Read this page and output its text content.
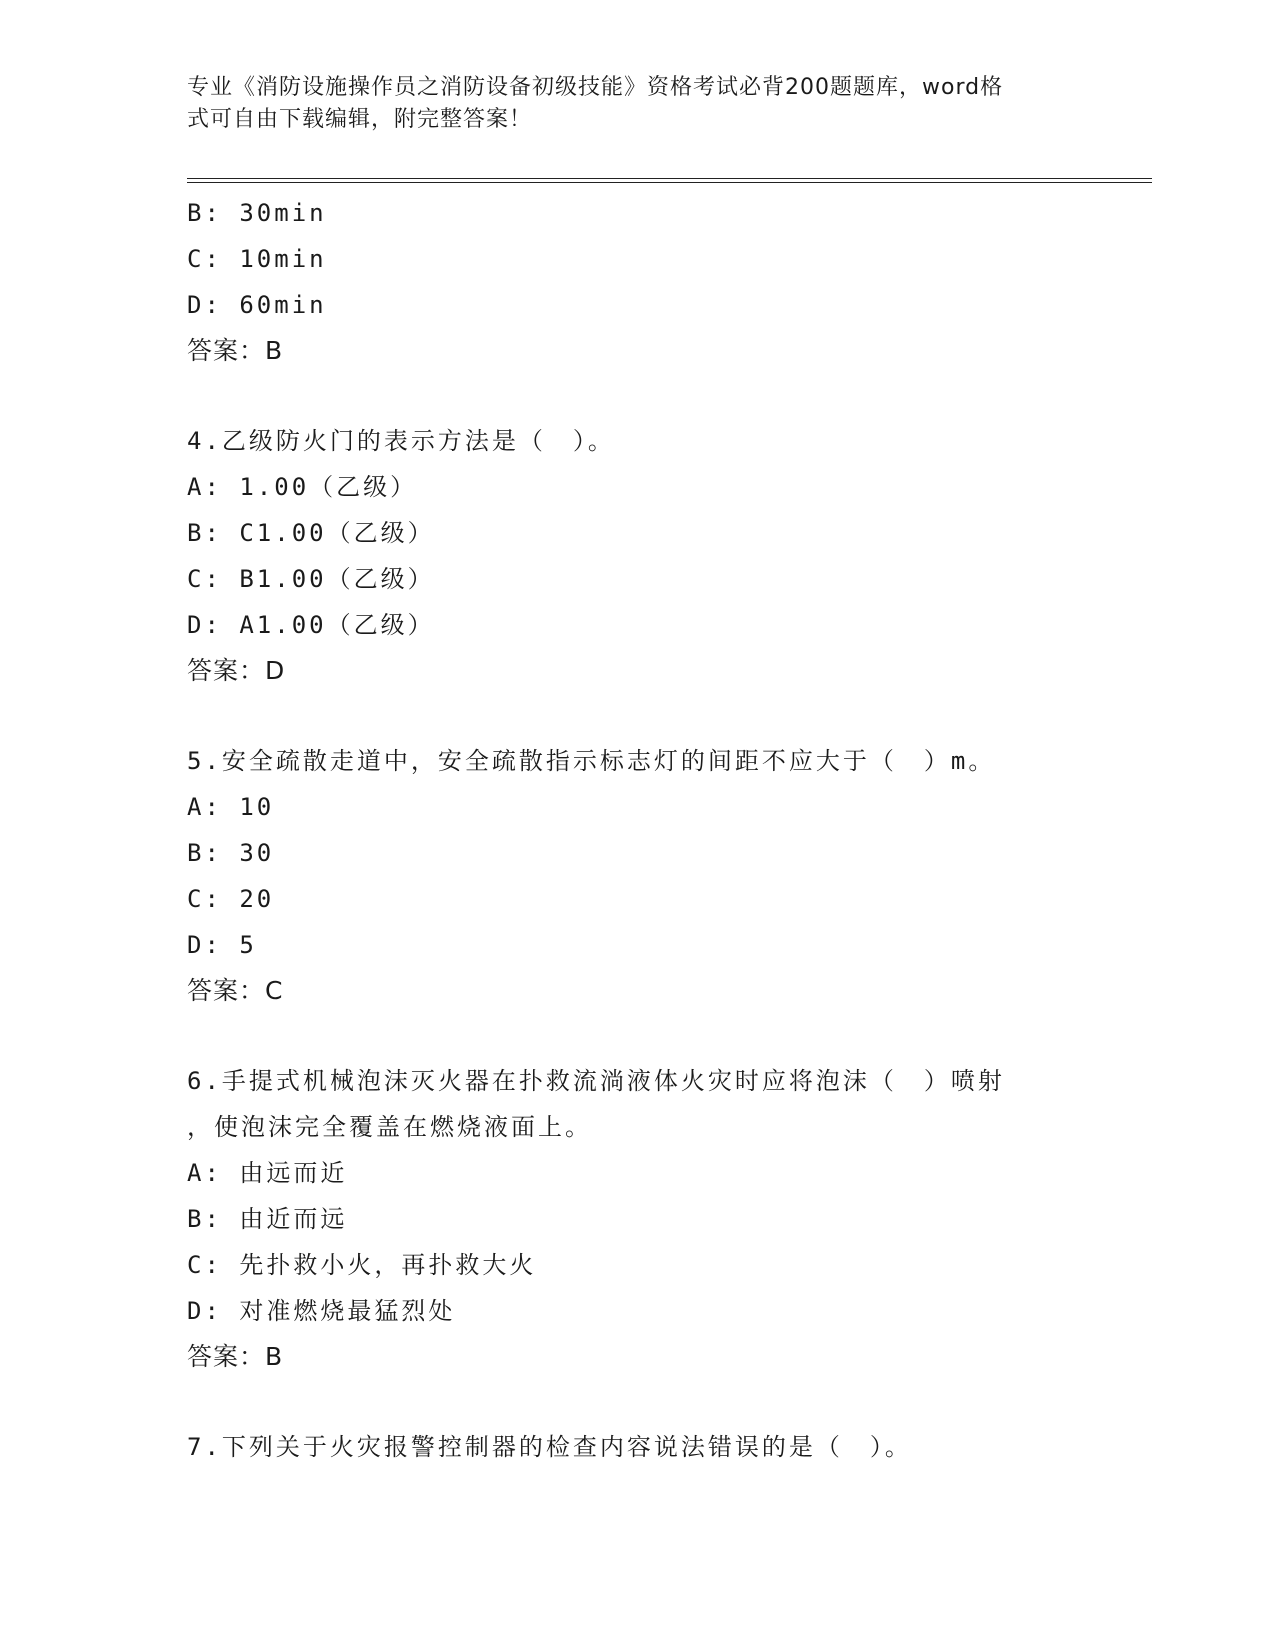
专业《消防设施操作员之消防设备初级技能》资格考试必背200题题库，word格
式可自由下载编辑，附完整答案！
B: 30min
C: 10min
D: 60min
答案：B
4.乙级防火门的表示方法是（　）。
A: 1.00（乙级）
B: C1.00（乙级）
C: B1.00（乙级）
D: A1.00（乙级）
答案：D
5.安全疏散走道中，安全疏散指示标志灯的间距不应大于（　）m。
A: 10
B: 30
C: 20
D: 5
答案：C
6.手提式机械泡沫灭火器在扑救流淌液体火灾时应将泡沫（　）喷射
，使泡沫完全覆盖在燃烧液面上。
A: 由远而近
B: 由近而远
C: 先扑救小火，再扑救大火
D: 对准燃烧最猛烈处
答案：B
7.下列关于火灾报警控制器的检查内容说法错误的是（　）。
